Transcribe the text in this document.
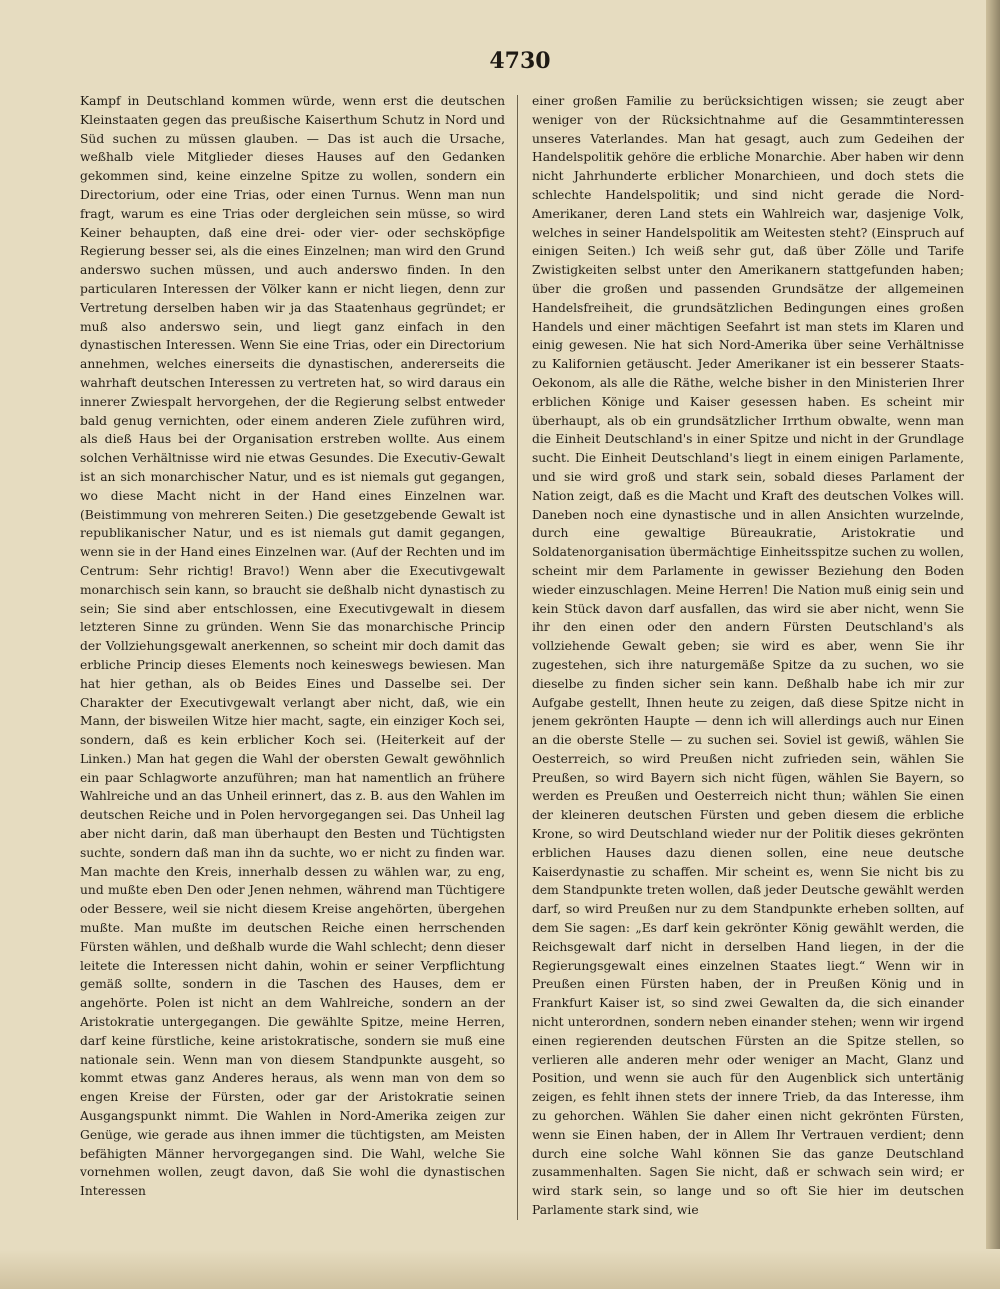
4730

Kampf in Deutschland kommen würde, wenn erst die deutschen Kleinstaaten gegen das preußische Kaiserthum Schutz in Nord und Süd suchen zu müssen glauben. — Das ist auch die Ursache, weßhalb viele Mitglieder dieses Hauses auf den Gedanken gekommen sind, keine einzelne Spitze zu wollen, sondern ein Directorium, oder eine Trias, oder einen Turnus. Wenn man nun fragt, warum es eine Trias oder dergleichen sein müsse, so wird Keiner behaupten, daß eine drei- oder vier- oder sechsköpfige Regierung besser sei, als die eines Einzelnen; man wird den Grund anderswo suchen müssen, und auch anderswo finden. In den particularen Interessen der Völker kann er nicht liegen, denn zur Vertretung derselben haben wir ja das Staatenhaus gegründet; er muß also anderswo sein, und liegt ganz einfach in den dynastischen Interessen. Wenn Sie eine Trias, oder ein Directorium annehmen, welches einerseits die dynastischen, andererseits die wahrhaft deutschen Interessen zu vertreten hat, so wird daraus ein innerer Zwiespalt hervorgehen, der die Regierung selbst entweder bald genug vernichten, oder einem anderen Ziele zuführen wird, als dieß Haus bei der Organisation erstreben wollte. Aus einem solchen Verhältnisse wird nie etwas Gesundes. Die Executiv-Gewalt ist an sich monarchischer Natur, und es ist niemals gut gegangen, wo diese Macht nicht in der Hand eines Einzelnen war. (Beistimmung von mehreren Seiten.) Die gesetzgebende Gewalt ist republikanischer Natur, und es ist niemals gut damit gegangen, wenn sie in der Hand eines Einzelnen war. (Auf der Rechten und im Centrum: Sehr richtig! Bravo!) Wenn aber die Executivgewalt monarchisch sein kann, so braucht sie deßhalb nicht dynastisch zu sein; Sie sind aber entschlossen, eine Executivgewalt in diesem letzteren Sinne zu gründen. Wenn Sie das monarchische Princip der Vollziehungsgewalt anerkennen, so scheint mir doch damit das erbliche Princip dieses Elements noch keineswegs bewiesen. Man hat hier gethan, als ob Beides Eines und Dasselbe sei. Der Charakter der Executivgewalt verlangt aber nicht, daß, wie ein Mann, der bisweilen Witze hier macht, sagte, ein einziger Koch sei, sondern, daß es kein erblicher Koch sei. (Heiterkeit auf der Linken.) Man hat gegen die Wahl der obersten Gewalt gewöhnlich ein paar Schlagworte anzuführen; man hat namentlich an frühere Wahlreiche und an das Unheil erinnert, das z. B. aus den Wahlen im deutschen Reiche und in Polen hervorgegangen sei. Das Unheil lag aber nicht darin, daß man überhaupt den Besten und Tüchtigsten suchte, sondern daß man ihn da suchte, wo er nicht zu finden war. Man machte den Kreis, innerhalb dessen zu wählen war, zu eng, und mußte eben Den oder Jenen nehmen, während man Tüchtigere oder Bessere, weil sie nicht diesem Kreise angehörten, übergehen mußte. Man mußte im deutschen Reiche einen herrschenden Fürsten wählen, und deßhalb wurde die Wahl schlecht; denn dieser leitete die Interessen nicht dahin, wohin er seiner Verpflichtung gemäß sollte, sondern in die Taschen des Hauses, dem er angehörte. Polen ist nicht an dem Wahlreiche, sondern an der Aristokratie untergegangen. Die gewählte Spitze, meine Herren, darf keine fürstliche, keine aristokratische, sondern sie muß eine nationale sein. Wenn man von diesem Standpunkte ausgeht, so kommt etwas ganz Anderes heraus, als wenn man von dem so engen Kreise der Fürsten, oder gar der Aristokratie seinen Ausgangspunkt nimmt. Die Wahlen in Nord-Amerika zeigen zur Genüge, wie gerade aus ihnen immer die tüchtigsten, am Meisten befähigten Männer hervorgegangen sind. Die Wahl, welche Sie vornehmen wollen, zeugt davon, daß Sie wohl die dynastischen Interessen

einer großen Familie zu berücksichtigen wissen; sie zeugt aber weniger von der Rücksichtnahme auf die Gesammtinteressen unseres Vaterlandes. Man hat gesagt, auch zum Gedeihen der Handelspolitik gehöre die erbliche Monarchie. Aber haben wir denn nicht Jahrhunderte erblicher Monarchieen, und doch stets die schlechte Handelspolitik; und sind nicht gerade die Nord-Amerikaner, deren Land stets ein Wahlreich war, dasjenige Volk, welches in seiner Handelspolitik am Weitesten steht? (Einspruch auf einigen Seiten.) Ich weiß sehr gut, daß über Zölle und Tarife Zwistigkeiten selbst unter den Amerikanern stattgefunden haben; über die großen und passenden Grundsätze der allgemeinen Handelsfreiheit, die grundsätzlichen Bedingungen eines großen Handels und einer mächtigen Seefahrt ist man stets im Klaren und einig gewesen. Nie hat sich Nord-Amerika über seine Verhältnisse zu Kalifornien getäuscht. Jeder Amerikaner ist ein besserer Staats-Oekonom, als alle die Räthe, welche bisher in den Ministerien Ihrer erblichen Könige und Kaiser gesessen haben. Es scheint mir überhaupt, als ob ein grundsätzlicher Irrthum obwalte, wenn man die Einheit Deutschland's in einer Spitze und nicht in der Grundlage sucht. Die Einheit Deutschland's liegt in einem einigen Parlamente, und sie wird groß und stark sein, sobald dieses Parlament der Nation zeigt, daß es die Macht und Kraft des deutschen Volkes will. Daneben noch eine dynastische und in allen Ansichten wurzelnde, durch eine gewaltige Büreaukratie, Aristokratie und Soldatenorganisation übermächtige Einheitsspitze suchen zu wollen, scheint mir dem Parlamente in gewisser Beziehung den Boden wieder einzuschlagen. Meine Herren! Die Nation muß einig sein und kein Stück davon darf ausfallen, das wird sie aber nicht, wenn Sie ihr den einen oder den andern Fürsten Deutschland's als vollziehende Gewalt geben; sie wird es aber, wenn Sie ihr zugestehen, sich ihre naturgemäße Spitze da zu suchen, wo sie dieselbe zu finden sicher sein kann. Deßhalb habe ich mir zur Aufgabe gestellt, Ihnen heute zu zeigen, daß diese Spitze nicht in jenem gekrönten Haupte — denn ich will allerdings auch nur Einen an die oberste Stelle — zu suchen sei. Soviel ist gewiß, wählen Sie Oesterreich, so wird Preußen nicht zufrieden sein, wählen Sie Preußen, so wird Bayern sich nicht fügen, wählen Sie Bayern, so werden es Preußen und Oesterreich nicht thun; wählen Sie einen der kleineren deutschen Fürsten und geben diesem die erbliche Krone, so wird Deutschland wieder nur der Politik dieses gekrönten erblichen Hauses dazu dienen sollen, eine neue deutsche Kaiserdynastie zu schaffen. Mir scheint es, wenn Sie nicht bis zu dem Standpunkte treten wollen, daß jeder Deutsche gewählt werden darf, so wird Preußen nur zu dem Standpunkte erheben sollten, auf dem Sie sagen: „Es darf kein gekrönter König gewählt werden, die Reichsgewalt darf nicht in derselben Hand liegen, in der die Regierungsgewalt eines einzelnen Staates liegt.“ Wenn wir in Preußen einen Fürsten haben, der in Preußen König und in Frankfurt Kaiser ist, so sind zwei Gewalten da, die sich einander nicht unterordnen, sondern neben einander stehen; wenn wir irgend einen regierenden deutschen Fürsten an die Spitze stellen, so verlieren alle anderen mehr oder weniger an Macht, Glanz und Position, und wenn sie auch für den Augenblick sich untertänig zeigen, es fehlt ihnen stets der innere Trieb, da das Interesse, ihm zu gehorchen. Wählen Sie daher einen nicht gekrönten Fürsten, wenn sie Einen haben, der in Allem Ihr Vertrauen verdient; denn durch eine solche Wahl können Sie das ganze Deutschland zusammenhalten. Sagen Sie nicht, daß er schwach sein wird; er wird stark sein, so lange und so oft Sie hier im deutschen Parlamente stark sind, wie
